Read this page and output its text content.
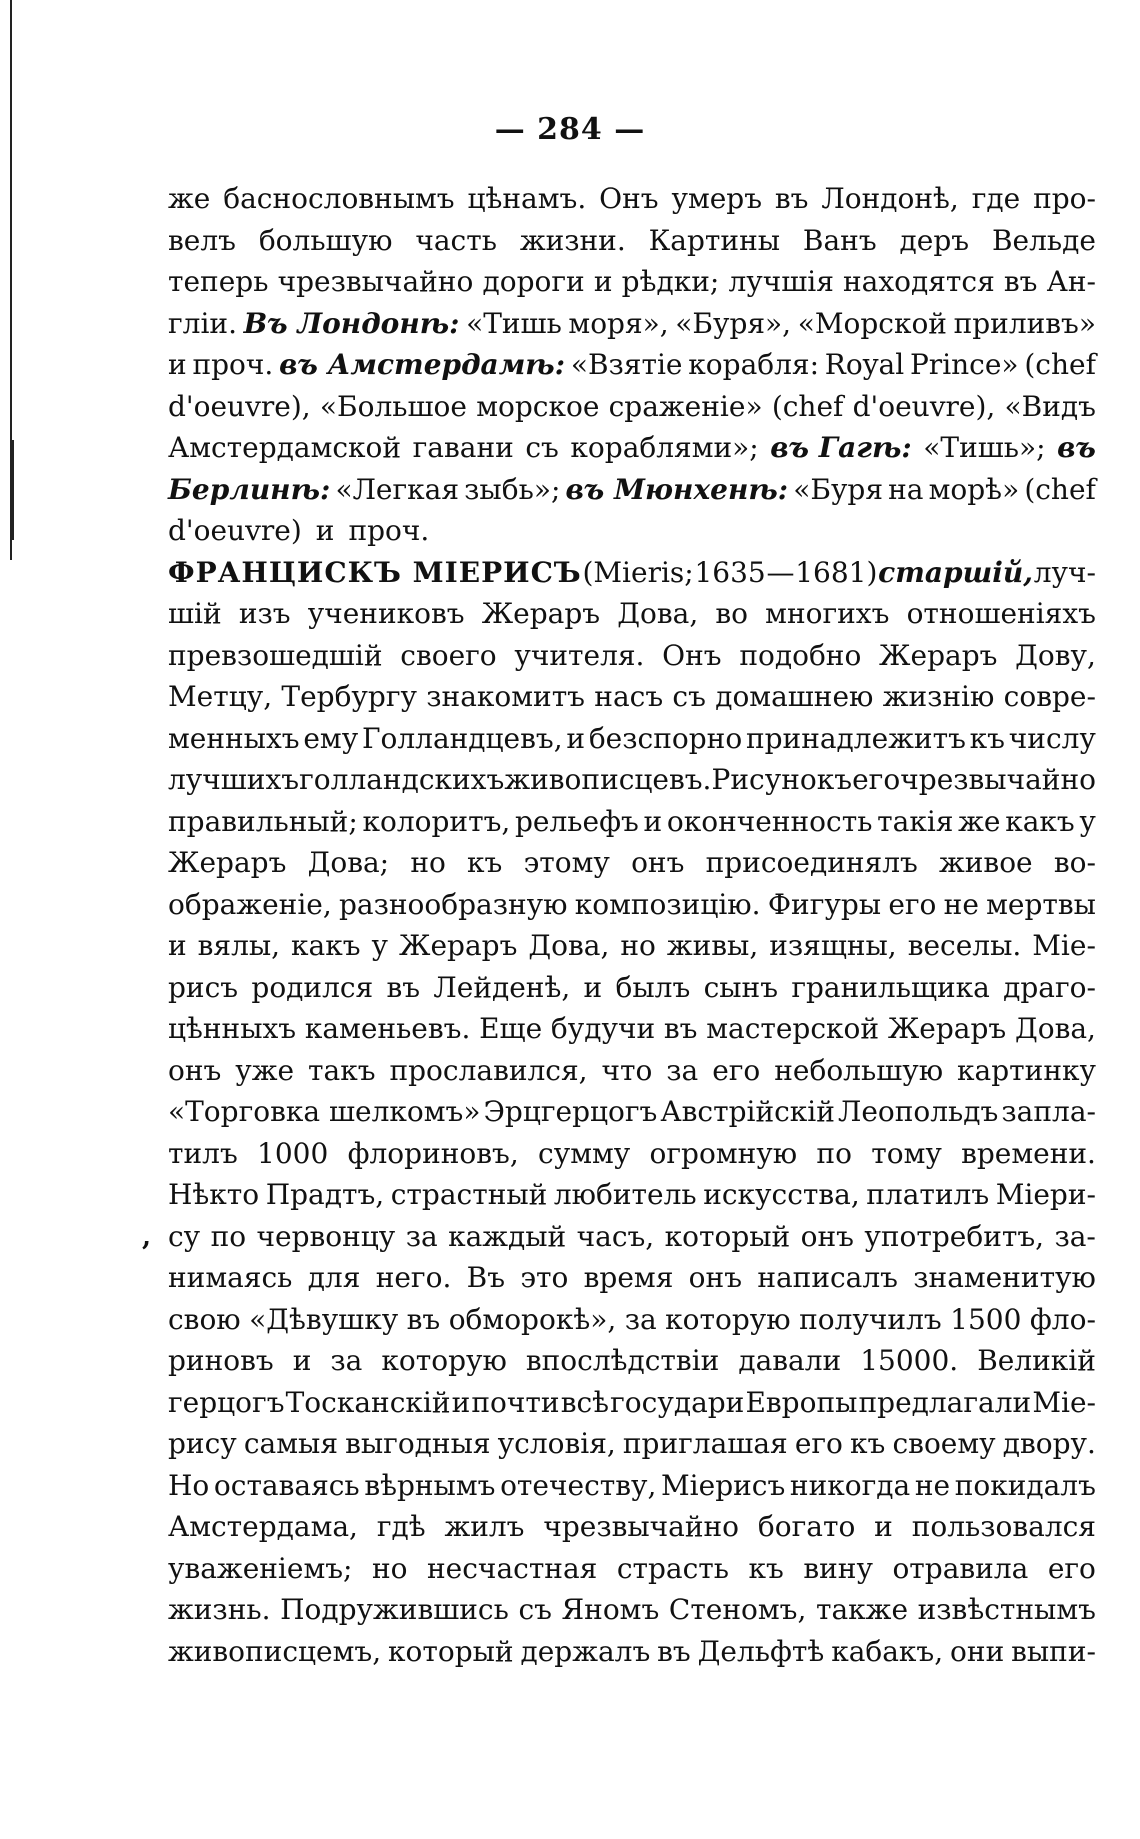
— 284 —
же баснословнымъ цѣнамъ. Онъ умеръ въ Лондонѣ, где про-
велъ большую часть жизни. Картины Ванъ деръ Вельде
теперь чрезвычайно дороги и рѣдки; лучшія находятся въ Ан-
гліи. Въ Лондонѣ: «Тишь моря», «Буря», «Морской приливъ»
и проч. въ Амстердамѣ: «Взятіе корабля: Royal Prince» (chef
d'oeuvre), «Большое морское сраженіе» (chef d'oeuvre), «Видъ
Амстердамской гавани съ кораблями»; въ Гагѣ: «Тишь»; въ
Берлинѣ: «Легкая зыбь»; въ Мюнхенѣ: «Буря на морѣ» (chef
d'oeuvre) и проч.
ФРАНЦИСКЪ МІЕРИСЪ (Mieris; 1635 — 1681) старшій, луч-
шій изъ учениковъ Жераръ Дова, во многихъ отношеніяхъ
превзошедшій своего учителя. Онъ подобно Жераръ Дову,
Метцу, Тербургу знакомитъ насъ съ домашнею жизнію совре-
менныхъ ему Голландцевъ, и безспорно принадлежитъ къ числу
лучшихъ голландскихъ живописцевъ. Рисунокъ его чрезвычайно
правильный; колоритъ, рельефъ и оконченность такія же какъ у
Жераръ Дова; но къ этому онъ присоединялъ живое во-
ображеніе, разнообразную композицію. Фигуры его не мертвы
и вялы, какъ у Жераръ Дова, но живы, изящны, веселы. Міе-
рисъ родился въ Лейденѣ, и былъ сынъ гранильщика драго-
цѣнныхъ каменьевъ. Еще будучи въ мастерской Жераръ Дова,
онъ уже такъ прославился, что за его небольшую картинку
«Торговка шелкомъ» Эрцгерцогъ Австрійскій Леопольдъ запла-
тилъ 1000 флориновъ, сумму огромную по тому времени.
Нѣкто Прадтъ, страстный любитель искусства, платилъ Міери-
су по червонцу за каждый часъ, который онъ употребитъ, за-
нимаясь для него. Въ это время онъ написалъ знаменитую
свою «Дѣвушку въ обморокѣ», за которую получилъ 1500 фло-
риновъ и за которую впослѣдствіи давали 15000. Великій
герцогъ Тосканскій и почти всѣ государи Европы предлагали Міе-
рису самыя выгодныя условія, приглашая его къ своему двору.
Но оставаясь вѣрнымъ отечеству, Міерисъ никогда не покидалъ
Амстердама, гдѣ жилъ чрезвычайно богато и пользовался
уваженіемъ; но несчастная страсть къ вину отравила его
жизнь. Подружившись съ Яномъ Стеномъ, также извѣстнымъ
живописцемъ, который держалъ въ Дельфтѣ кабакъ, они выпи-
,
